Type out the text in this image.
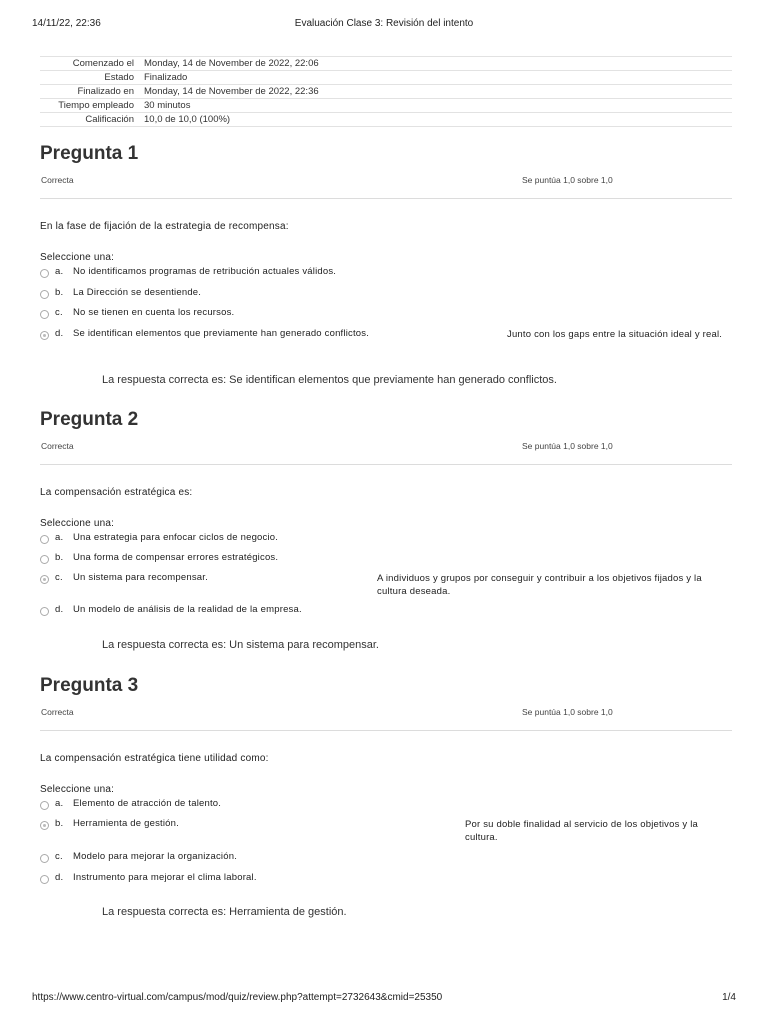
14/11/22, 22:36	Evaluación Clase 3: Revisión del intento
Comenzado el	Monday, 14 de November de 2022, 22:06
Estado	Finalizado
Finalizado en	Monday, 14 de November de 2022, 22:36
Tiempo empleado	30 minutos
Calificación	10,0 de 10,0 (100%)
Pregunta 1
Correcta	Se puntúa 1,0 sobre 1,0
En la fase de fijación de la estrategia de recompensa:
Seleccione una:
a. No identificamos programas de retribución actuales válidos.
b. La Dirección se desentiende.
c. No se tienen en cuenta los recursos.
d. Se identifican elementos que previamente han generado conflictos.	Junto con los gaps entre la situación ideal y real.
La respuesta correcta es: Se identifican elementos que previamente han generado conflictos.
Pregunta 2
Correcta	Se puntúa 1,0 sobre 1,0
La compensación estratégica es:
Seleccione una:
a. Una estrategia para enfocar ciclos de negocio.
b. Una forma de compensar errores estratégicos.
c. Un sistema para recompensar.	A individuos y grupos por conseguir y contribuir a los objetivos fijados y la cultura deseada.
d. Un modelo de análisis de la realidad de la empresa.
La respuesta correcta es: Un sistema para recompensar.
Pregunta 3
Correcta	Se puntúa 1,0 sobre 1,0
La compensación estratégica tiene utilidad como:
Seleccione una:
a. Elemento de atracción de talento.
b. Herramienta de gestión.	Por su doble finalidad al servicio de los objetivos y la cultura.
c. Modelo para mejorar la organización.
d. Instrumento para mejorar el clima laboral.
La respuesta correcta es: Herramienta de gestión.
https://www.centro-virtual.com/campus/mod/quiz/review.php?attempt=2732643&cmid=25350	1/4
